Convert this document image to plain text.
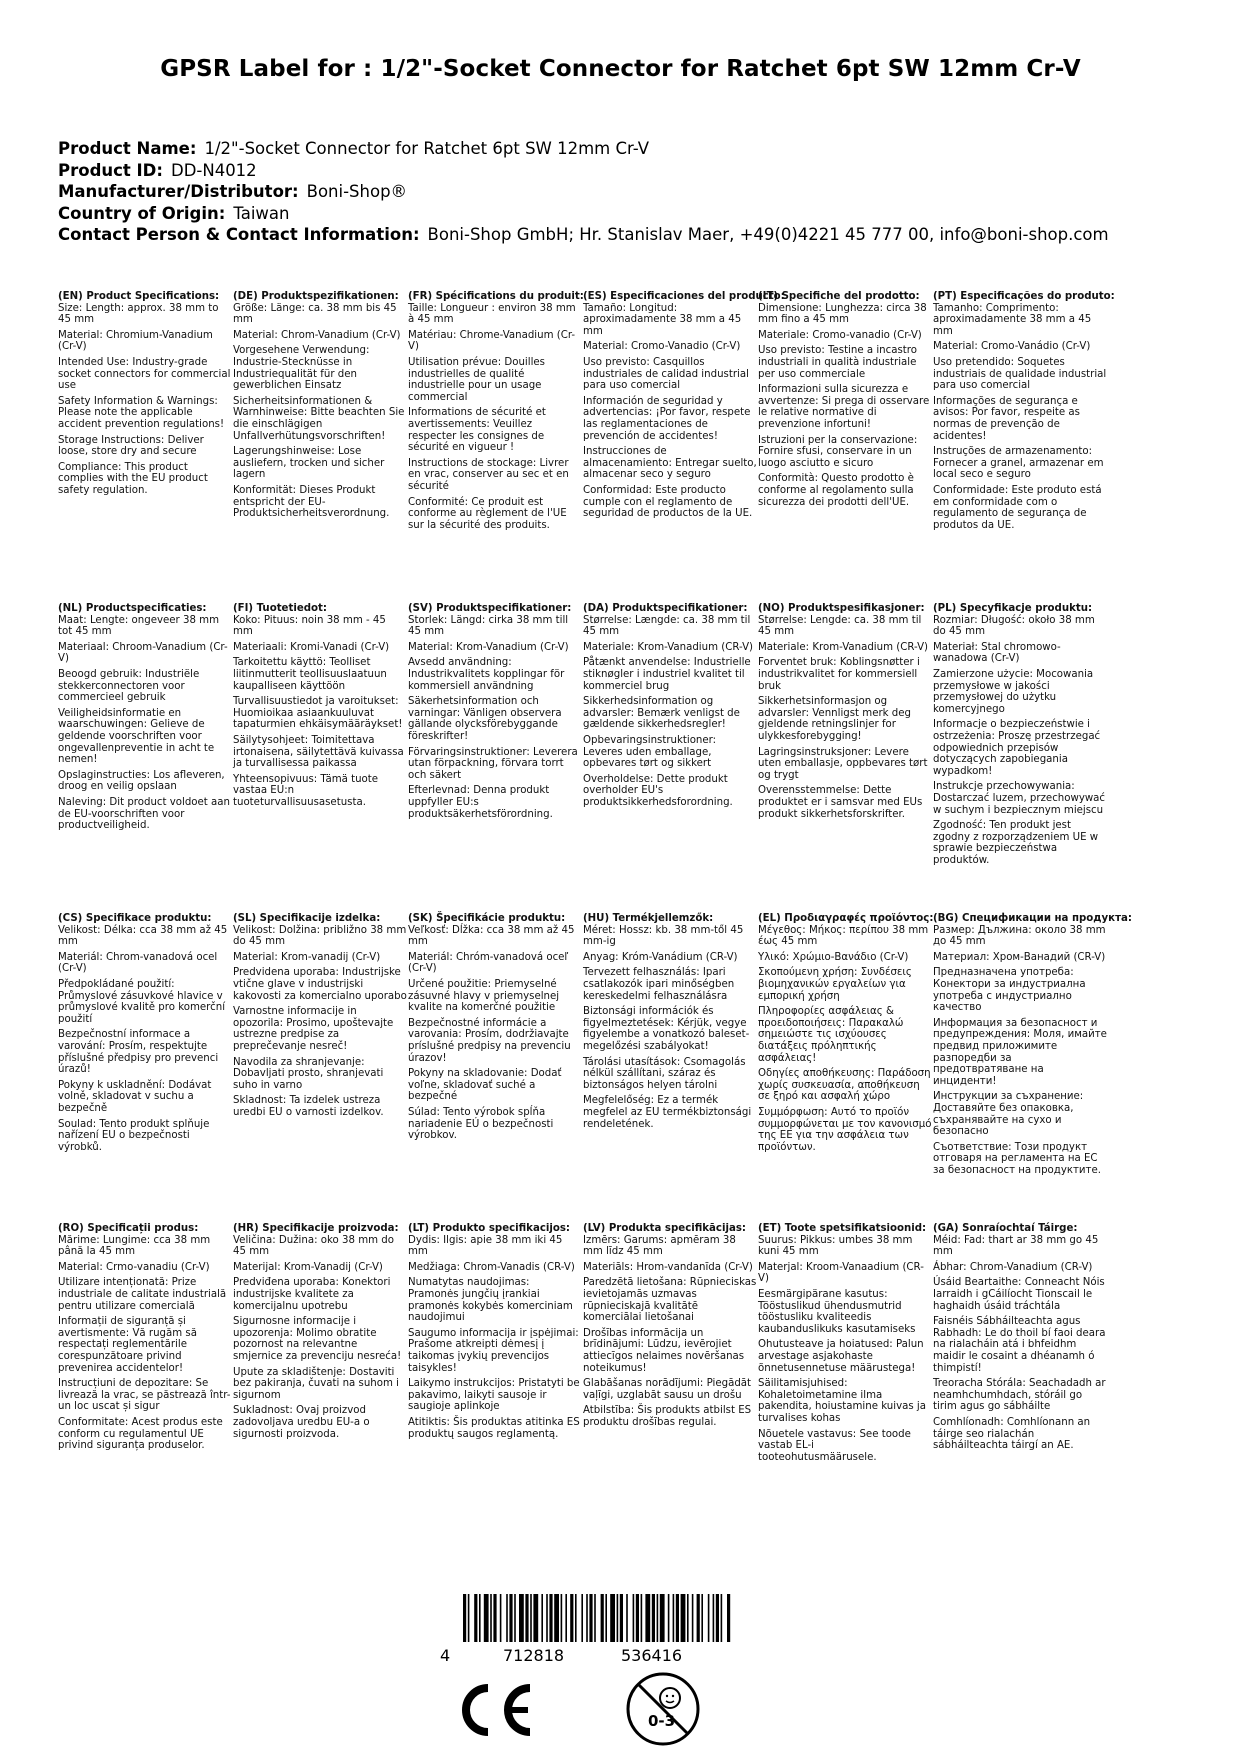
GPSR Label for : 1/2"-Socket Connector for Ratchet 6pt SW 12mm Cr-V
Product Name: 1/2"-Socket Connector for Ratchet 6pt SW 12mm Cr-V
Product ID: DD-N4012
Manufacturer/Distributor: Boni-Shop®
Country of Origin: Taiwan
Contact Person & Contact Information: Boni-Shop GmbH; Hr. Stanislav Maer, +49(0)4221 45 777 00, info@boni-shop.com
(EN) Product Specifications:

Size: Length: approx. 38 mm to 45 mm

Material: Chromium-Vanadium (Cr-V)

Intended Use: Industry-grade socket connectors for commercial use

Safety Information & Warnings: Please note the applicable accident prevention regulations!

Storage Instructions: Deliver loose, store dry and secure

Compliance: This product complies with the EU product safety regulation.

(DE) Produktspezifikationen:

Größe: Länge: ca. 38 mm bis 45 mm

Material: Chrom-Vanadium (Cr-V)

Vorgesehene Verwendung: Industrie-Stecknüsse in Industriequalität für den gewerblichen Einsatz

Sicherheitsinformationen & Warnhinweise: Bitte beachten Sie die einschlägigen Unfallverhütungsvorschriften!

Lagerungshinweise: Lose ausliefern, trocken und sicher lagern

Konformität: Dieses Produkt entspricht der EU-Produktsicherheitsverordnung.

(FR) Spécifications du produit:

Taille: Longueur : environ 38 mm à 45 mm

Matériau: Chrome-Vanadium (Cr-V)

Utilisation prévue: Douilles industrielles de qualité industrielle pour un usage commercial

Informations de sécurité et avertissements: Veuillez respecter les consignes de sécurité en vigueur !

Instructions de stockage: Livrer en vrac, conserver au sec et en sécurité

Conformité: Ce produit est conforme au règlement de l'UE sur la sécurité des produits.

(ES) Especificaciones del producto:

Tamaño: Longitud: aproximadamente 38 mm a 45 mm

Material: Cromo-Vanadio (Cr-V)

Uso previsto: Casquillos industriales de calidad industrial para uso comercial

Información de seguridad y advertencias: ¡Por favor, respete las reglamentaciones de prevención de accidentes!

Instrucciones de almacenamiento: Entregar suelto, almacenar seco y seguro

Conformidad: Este producto cumple con el reglamento de seguridad de productos de la UE.

(IT) Specifiche del prodotto:

Dimensione: Lunghezza: circa 38 mm fino a 45 mm

Materiale: Cromo-vanadio (Cr-V)

Uso previsto: Testine a incastro industriali in qualità industriale per uso commerciale

Informazioni sulla sicurezza e avvertenze: Si prega di osservare le relative normative di prevenzione infortuni!

Istruzioni per la conservazione: Fornire sfusi, conservare in un luogo asciutto e sicuro

Conformità: Questo prodotto è conforme al regolamento sulla sicurezza dei prodotti dell'UE.

(PT) Especificações do produto:

Tamanho: Comprimento: aproximadamente 38 mm a 45 mm

Material: Cromo-Vanádio (Cr-V)

Uso pretendido: Soquetes industriais de qualidade industrial para uso comercial

Informações de segurança e avisos: Por favor, respeite as normas de prevenção de acidentes!

Instruções de armazenamento: Fornecer a granel, armazenar em local seco e seguro

Conformidade: Este produto está em conformidade com o regulamento de segurança de produtos da UE.

(NL) Productspecificaties:

Maat: Lengte: ongeveer 38 mm tot 45 mm

Materiaal: Chroom-Vanadium (Cr-V)

Beoogd gebruik: Industriële stekkerconnectoren voor commercieel gebruik

Veiligheidsinformatie en waarschuwingen: Gelieve de geldende voorschriften voor ongevallenpreventie in acht te nemen!

Opslaginstructies: Los afleveren, droog en veilig opslaan

Naleving: Dit product voldoet aan de EU-voorschriften voor productveiligheid.

(FI) Tuotetiedot:

Koko: Pituus: noin 38 mm - 45 mm

Materiaali: Kromi-Vanadi (Cr-V)

Tarkoitettu käyttö: Teolliset liitinmutterit teollisuuslaatuun kaupalliseen käyttöön

Turvallisuustiedot ja varoitukset: Huomioikaa asiaankuuluvat tapaturmien ehkäisymääräykset!

Säilytysohjeet: Toimitettava irtonaisena, säilytettävä kuivassa ja turvallisessa paikassa

Yhteensopivuus: Tämä tuote vastaa EU:n tuoteturvallisuusasetusta.

(SV) Produktspecifikationer:

Storlek: Längd: cirka 38 mm till 45 mm

Material: Krom-Vanadium (Cr-V)

Avsedd användning: Industrikvalitets kopplingar för kommersiell användning

Säkerhetsinformation och varningar: Vänligen observera gällande olycksförebyggande föreskrifter!

Förvaringsinstruktioner: Leverera utan förpackning, förvara torrt och säkert

Efterlevnad: Denna produkt uppfyller EU:s produktsäkerhetsförordning.

(DA) Produktspecifikationer:

Størrelse: Længde: ca. 38 mm til 45 mm

Materiale: Krom-Vanadium (CR-V)

Påtænkt anvendelse: Industrielle stiknøgler i industriel kvalitet til kommerciel brug

Sikkerhedsinformation og advarsler: Bemærk venligst de gældende sikkerhedsregler!

Opbevaringsinstruktioner: Leveres uden emballage, opbevares tørt og sikkert

Overholdelse: Dette produkt overholder EU's produktsikkerhedsforordning.

(NO) Produktspesifikasjoner:

Størrelse: Lengde: ca. 38 mm til 45 mm

Materiale: Krom-Vanadium (CR-V)

Forventet bruk: Koblingsnøtter i industrikvalitet for kommersiell bruk

Sikkerhetsinformasjon og advarsler: Vennligst merk deg gjeldende retningslinjer for ulykkesforebygging!

Lagringsinstruksjoner: Levere uten emballasje, oppbevares tørt og trygt

Overensstemmelse: Dette produktet er i samsvar med EUs produkt sikkerhetsforskrifter.

(PL) Specyfikacje produktu:

Rozmiar: Długość: około 38 mm do 45 mm

Materiał: Stal chromowo-wanadowa (Cr-V)

Zamierzone użycie: Mocowania przemysłowe w jakości przemysłowej do użytku komercyjnego

Informacje o bezpieczeństwie i ostrzeżenia: Proszę przestrzegać odpowiednich przepisów dotyczących zapobiegania wypadkom!

Instrukcje przechowywania: Dostarczać luzem, przechowywać w suchym i bezpiecznym miejscu

Zgodność: Ten produkt jest zgodny z rozporządzeniem UE w sprawie bezpieczeństwa produktów.

(CS) Specifikace produktu:

Velikost: Délka: cca 38 mm až 45 mm

Materiál: Chrom-vanadová ocel (Cr-V)

Předpokládané použití: Průmyslové zásuvkové hlavice v průmyslové kvalitě pro komerční použití

Bezpečnostní informace a varování: Prosím, respektujte příslušné předpisy pro prevenci úrazů!

Pokyny k uskladnění: Dodávat volně, skladovat v suchu a bezpečně

Soulad: Tento produkt splňuje nařízení EU o bezpečnosti výrobků.

(SL) Specifikacije izdelka:

Velikost: Dolžina: približno 38 mm do 45 mm

Material: Krom-vanadij (Cr-V)

Predvidena uporaba: Industrijske vtične glave v industrijski kakovosti za komercialno uporabo

Varnostne informacije in opozorila: Prosimo, upoštevajte ustrezne predpise za preprečevanje nesreč!

Navodila za shranjevanje: Dobavljati prosto, shranjevati suho in varno

Skladnost: Ta izdelek ustreza uredbi EU o varnosti izdelkov.

(SK) Špecifikácie produktu:

Veľkosť: Dĺžka: cca 38 mm až 45 mm

Materiál: Chróm-vanadová oceľ (Cr-V)

Určené použitie: Priemyselné zásuvné hlavy v priemyselnej kvalite na komerčné použitie

Bezpečnostné informácie a varovania: Prosím, dodržiavajte príslušné predpisy na prevenciu úrazov!

Pokyny na skladovanie: Dodať voľne, skladovať suché a bezpečné

Súlad: Tento výrobok spĺňa nariadenie EÚ o bezpečnosti výrobkov.

(HU) Termékjellemzők:

Méret: Hossz: kb. 38 mm-től 45 mm-ig

Anyag: Króm-Vanádium (CR-V)

Tervezett felhasználás: Ipari csatlakozók ipari minőségben kereskedelmi felhasználásra

Biztonsági információk és figyelmeztetések: Kérjük, vegye figyelembe a vonatkozó baleset-megelőzési szabályokat!

Tárolási utasítások: Csomagolás nélkül szállítani, száraz és biztonságos helyen tárolni

Megfelelőség: Ez a termék megfelel az EU termékbiztonsági rendeletének.

(EL) Προδιαγραφές προϊόντος:

Μέγεθος: Μήκος: περίπου 38 mm έως 45 mm

Υλικό: Χρώμιο-Βανάδιο (Cr-V)

Σκοπούμενη χρήση: Συνδέσεις βιομηχανικών εργαλείων για εμπορική χρήση

Πληροφορίες ασφάλειας & προειδοποιήσεις: Παρακαλώ σημειώστε τις ισχύουσες διατάξεις πρόληπτικής ασφάλειας!

Οδηγίες αποθήκευσης: Παράδοση χωρίς συσκευασία, αποθήκευση σε ξηρό και ασφαλή χώρο

Συμμόρφωση: Αυτό το προϊόν συμμορφώνεται με τον κανονισμό της ΕΕ για την ασφάλεια των προϊόντων.

(BG) Спецификации на продукта:

Размер: Дължина: около 38 mm до 45 mm

Материал: Хром-Ванадий (CR-V)

Предназначена употреба: Конектори за индустриална употреба с индустриално качество

Информация за безопасност и предупреждения: Моля, имайте предвид приложимите разпоредби за предотвратяване на инциденти!

Инструкции за съхранение: Доставяйте без опаковка, съхранявайте на сухо и безопасно

Съответствие: Този продукт отговаря на регламента на ЕС за безопасност на продуктите.

(RO) Specificații produs:

Mărime: Lungime: cca 38 mm până la 45 mm

Material: Crmo-vanadiu (Cr-V)

Utilizare intenționată: Prize industriale de calitate industrială pentru utilizare comercială

Informații de siguranță și avertismente: Vă rugăm să respectați reglementările corespunzătoare privind prevenirea accidentelor!

Instrucțiuni de depozitare: Se livrează la vrac, se păstrează într-un loc uscat și sigur

Conformitate: Acest produs este conform cu regulamentul UE privind siguranța produselor.

(HR) Specifikacije proizvoda:

Veličina: Dužina: oko 38 mm do 45 mm

Materijal: Krom-Vanadij (Cr-V)

Predviđena uporaba: Konektori industrijske kvalitete za komercijalnu upotrebu

Sigurnosne informacije i upozorenja: Molimo obratite pozornost na relevantne smjernice za prevenciju nesreća!

Upute za skladištenje: Dostaviti bez pakiranja, čuvati na suhom i sigurnom

Sukladnost: Ovaj proizvod zadovoljava uredbu EU-a o sigurnosti proizvoda.

(LT) Produkto specifikacijos:

Dydis: Ilgis: apie 38 mm iki 45 mm

Medžiaga: Chrom-Vanadis (CR-V)

Numatytas naudojimas: Pramonės jungčių įrankiai pramonės kokybės komerciniam naudojimui

Saugumo informacija ir įspėjimai: Prašome atkreipti dėmesį į taikomas įvykių prevencijos taisykles!

Laikymo instrukcijos: Pristatyti be pakavimo, laikyti sausoje ir saugioje aplinkoje

Atitiktis: Šis produktas atitinka ES produktų saugos reglamentą.

(LV) Produkta specifikācijas:

Izmērs: Garums: apmēram 38 mm līdz 45 mm

Materiāls: Hrom-vandanīda (Cr-V)

Paredzētā lietošana: Rūpnieciskas ievietojamās uzmavas rūpnieciskajā kvalitātē komerciālai lietošanai

Drošības informācija un brīdinājumi: Lūdzu, ievērojiet attiecīgos nelaimes novēršanas noteikumus!

Glabāšanas norādījumi: Piegādāt vaļīgi, uzglabāt sausu un drošu

Atbilstība: Šis produkts atbilst ES produktu drošības regulai.

(ET) Toote spetsifikatsioonid:

Suurus: Pikkus: umbes 38 mm kuni 45 mm

Materjal: Kroom-Vanaadium (CR-V)

Eesmärgipärane kasutus: Tööstuslikud ühendusmutrid tööstusliku kvaliteedis kaubanduslikuks kasutamiseks

Ohutusteave ja hoiatused: Palun arvestage asjakohaste õnnetusennetuse määrustega!

Säilitamisjuhised: Kohaletoimetamine ilma pakendita, hoiustamine kuivas ja turvalises kohas

Nõuetele vastavus: See toode vastab EL-i tooteohutusmäärusele.

(GA) Sonraíochtaí Táirge:

Méid: Fad: thart ar 38 mm go 45 mm

Ábhar: Chrom-Vanadium (CR-V)

Úsáid Beartaithe: Conneacht Nóis Iarraidh i gCáilíocht Tionscail le haghaidh úsáid tráchtála

Faisnéis Sábháilteachta agus Rabhadh: Le do thoil bí faoi deara na rialacháin atá i bhfeidhm maidir le cosaint a dhéanamh ó thimpistí!

Treoracha Stórála: Seachadadh ar neamhchumhdach, stóráil go tirim agus go sábháilte

Comhlíonadh: Comhlíonann an táirge seo rialachán sábháilteachta táirgí an AE.

4	712818	536416
0-3
